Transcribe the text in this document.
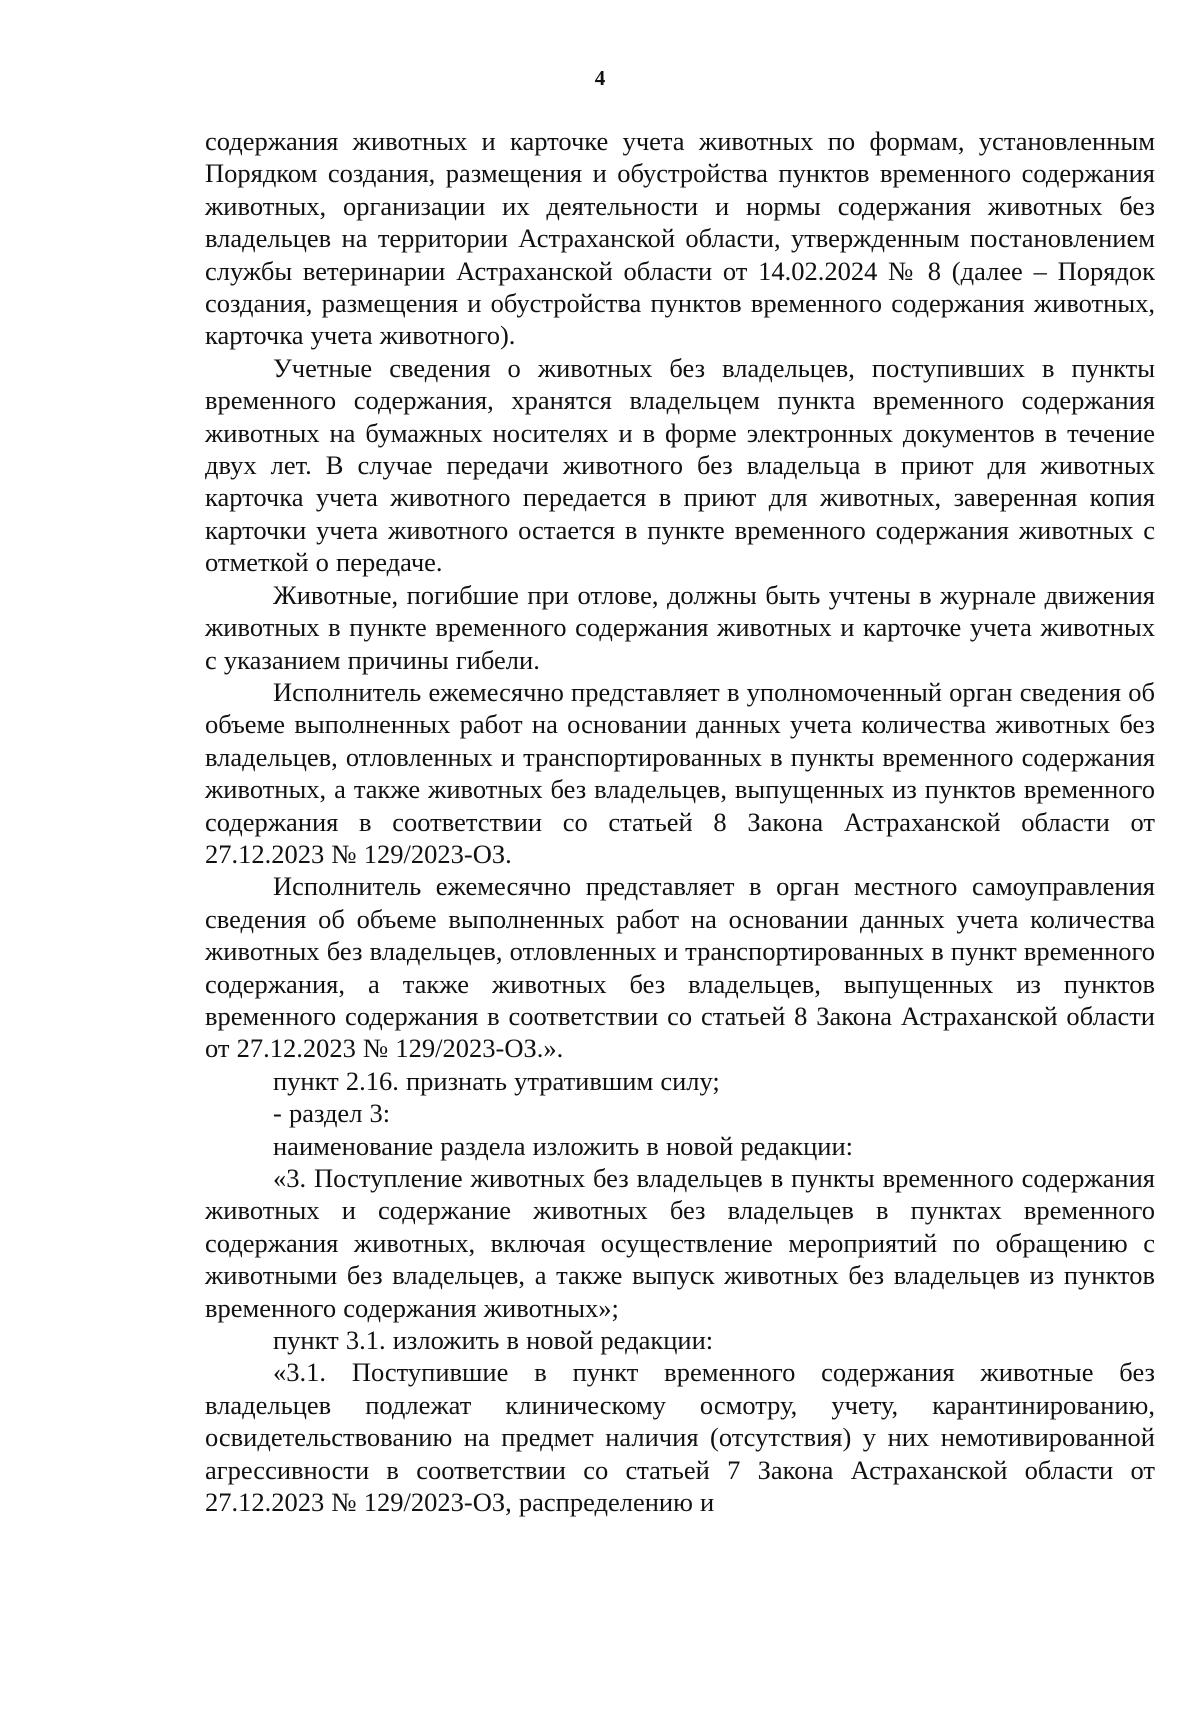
4

содержания животных и карточке учета животных по формам, установленным Порядком создания, размещения и обустройства пунктов временного содержания животных, организации их деятельности и нормы содержания животных без владельцев на территории Астраханской области, утвержденным постановлением службы ветеринарии Астраханской области от 14.02.2024 № 8 (далее – Порядок создания, размещения и обустройства пунктов временного содержания животных, карточка учета животного).

Учетные сведения о животных без владельцев, поступивших в пункты временного содержания, хранятся владельцем пункта временного содержания животных на бумажных носителях и в форме электронных документов в течение двух лет. В случае передачи животного без владельца в приют для животных карточка учета животного передается в приют для животных, заверенная копия карточки учета животного остается в пункте временного содержания животных с отметкой о передаче.

Животные, погибшие при отлове, должны быть учтены в журнале движения животных в пункте временного содержания животных и карточке учета животных с указанием причины гибели.

Исполнитель ежемесячно представляет в уполномоченный орган сведения об объеме выполненных работ на основании данных учета количества животных без владельцев, отловленных и транспортированных в пункты временного содержания животных, а также животных без владельцев, выпущенных из пунктов временного содержания в соответствии со статьей 8 Закона Астраханской области от 27.12.2023 № 129/2023-ОЗ.

Исполнитель ежемесячно представляет в орган местного самоуправления сведения об объеме выполненных работ на основании данных учета количества животных без владельцев, отловленных и транспортированных в пункт временного содержания, а также животных без владельцев, выпущенных из пунктов временного содержания в соответствии со статьей 8 Закона Астраханской области от 27.12.2023 № 129/2023-ОЗ.».

пункт 2.16. признать утратившим силу;

- раздел 3:

наименование раздела изложить в новой редакции:

«3. Поступление животных без владельцев в пункты временного содержания животных и содержание животных без владельцев в пунктах временного содержания животных, включая осуществление мероприятий по обращению с животными без владельцев, а также выпуск животных без владельцев из пунктов временного содержания животных»;

пункт 3.1. изложить в новой редакции:

«3.1. Поступившие в пункт временного содержания животные без владельцев подлежат клиническому осмотру, учету, карантинированию, освидетельствованию на предмет наличия (отсутствия) у них немотивированной агрессивности в соответствии со статьей 7 Закона Астраханской области от 27.12.2023 № 129/2023-ОЗ, распределению и
